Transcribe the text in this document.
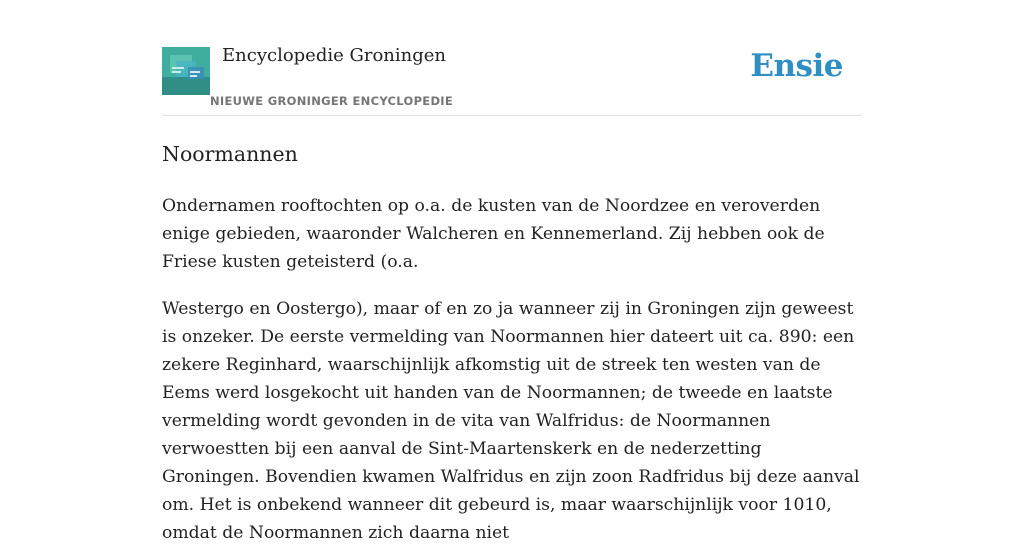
Encyclopedie Groningen
NIEUWE GRONINGER ENCYCLOPEDIE
Ensie
Noormannen

Ondernamen rooftochten op o.a. de kusten van de Noordzee en veroverden enige gebieden, waaronder Walcheren en Kennemerland. Zij hebben ook de Friese kusten geteisterd (o.a.

Westergo en Oostergo), maar of en zo ja wanneer zij in Groningen zijn geweest is onzeker. De eerste vermelding van Noormannen hier dateert uit ca. 890: een zekere Reginhard, waarschijnlijk afkomstig uit de streek ten westen van de Eems werd losgekocht uit handen van de Noormannen; de tweede en laatste vermelding wordt gevonden in de vita van Walfridus: de Noormannen verwoestten bij een aanval de Sint-Maartenskerk en de nederzetting Groningen. Bovendien kwamen Walfridus en zijn zoon Radfridus bij deze aanval om. Het is onbekend wanneer dit gebeurd is, maar waarschijnlijk voor 1010, omdat de Noormannen zich daarna niet
